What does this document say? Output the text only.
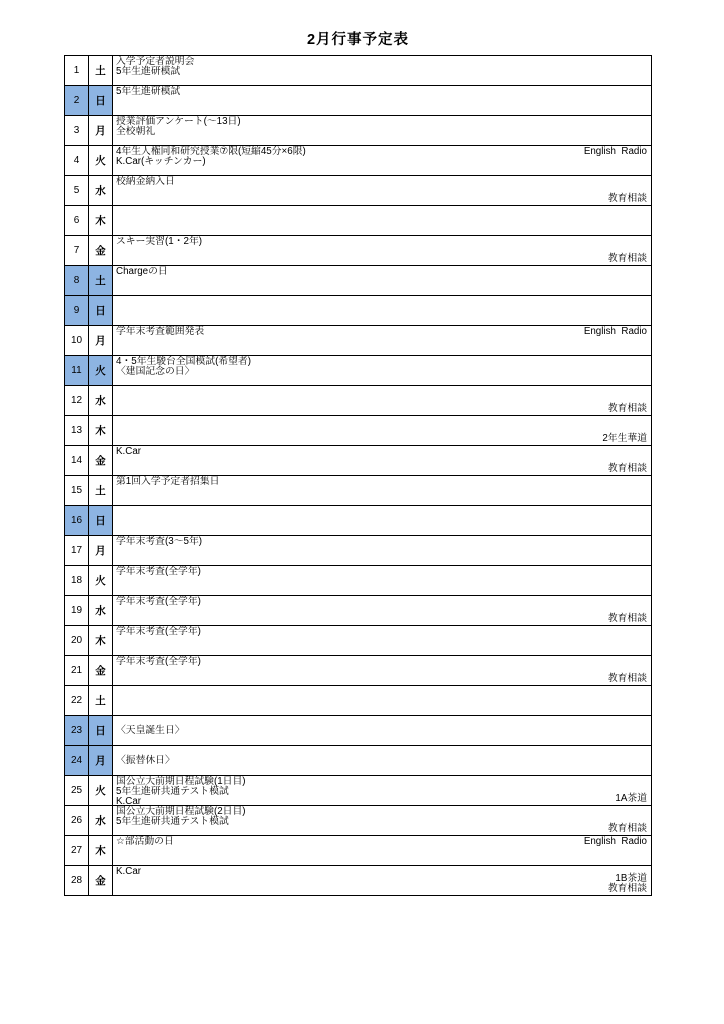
2月行事予定表
1	土
入学予定者説明会
5年生進研模試
2	日
5年生進研模試
3	月
授業評価アンケート(～13日)
全校朝礼
4	火
4年生人権同和研究授業⑦限(短縮45分×6限)
K.Car(キッチンカー)
English  Radio
5	水
校納金納入日
教育相談
6	木
7	金
スキー実習(1・2年)
教育相談
8	土
Chargeの日
9	日
10	月
学年末考査範囲発表	English  Radio
11	火
4・5年生駿台全国模試(希望者)
〈建国記念の日〉
12	水
教育相談
13	木
2年生華道
14	金
K.Car
教育相談
15	土
第1回入学予定者招集日
16	日
17	月
学年末考査(3～5年)
18	火
学年末考査(全学年)
19	水
学年末考査(全学年)
教育相談
20	木
学年末考査(全学年)
21	金
学年末考査(全学年)
教育相談
22	土
23	日	〈天皇誕生日〉
24	月	〈振替休日〉
25	火
国公立大前期日程試験(1日目)
5年生進研共通テスト模試
K.Car	1A茶道
26	水
国公立大前期日程試験(2日目)
5年生進研共通テスト模試
教育相談
27	木
☆部活動の日	English  Radio
28	金
K.Car
1B茶道
教育相談
